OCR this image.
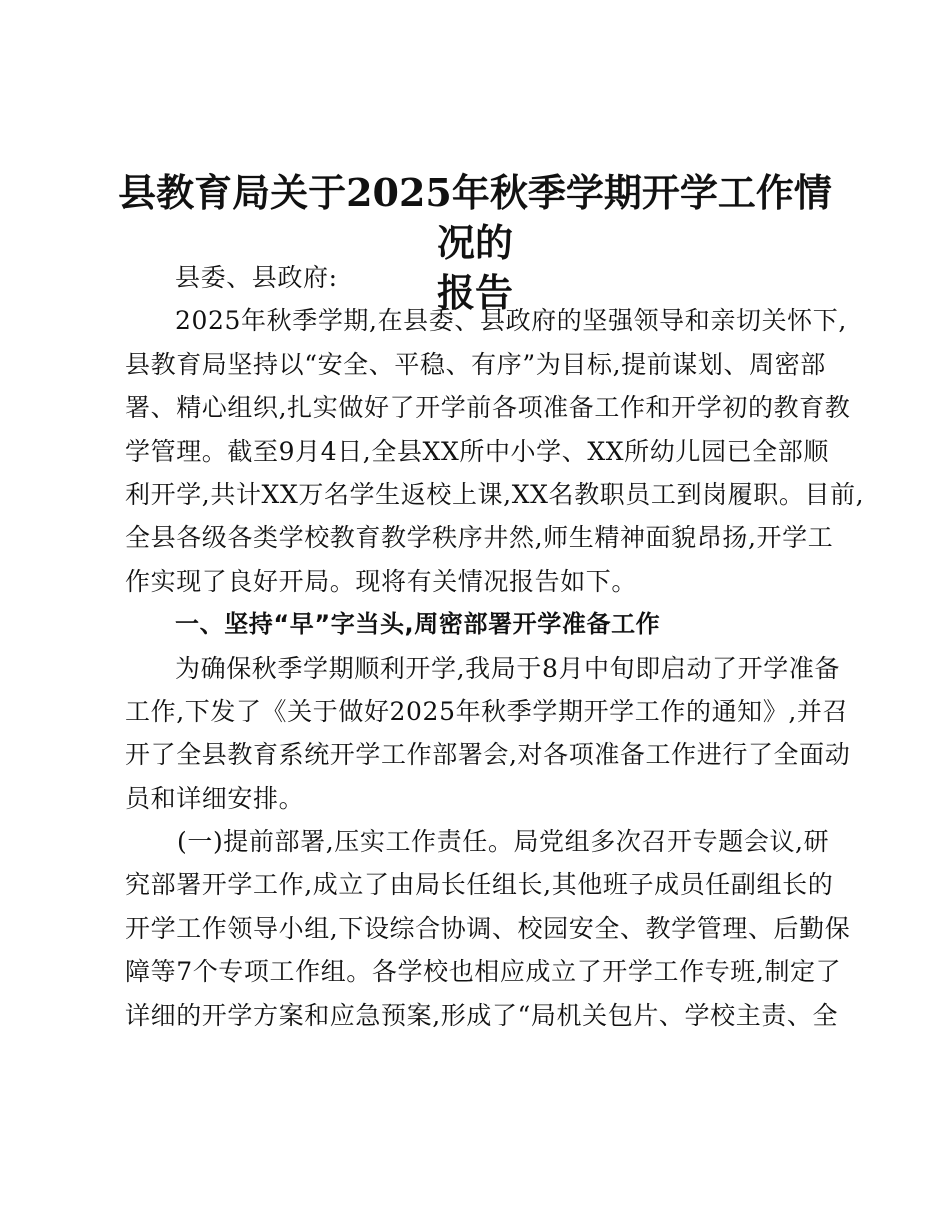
县教育局关于2025年秋季学期开学工作情况的
报告
县委、县政府:
2025年秋季学期,在县委、县政府的坚强领导和亲切关怀下,
县教育局坚持以“安全、平稳、有序”为目标,提前谋划、周密部
署、精心组织,扎实做好了开学前各项准备工作和开学初的教育教
学管理。截至9月4日,全县XX所中小学、XX所幼儿园已全部顺
利开学,共计XX万名学生返校上课,XX名教职员工到岗履职。目前,
全县各级各类学校教育教学秩序井然,师生精神面貌昂扬,开学工
作实现了良好开局。现将有关情况报告如下。
一、坚持“早”字当头,周密部署开学准备工作
为确保秋季学期顺利开学,我局于8月中旬即启动了开学准备
工作,下发了《关于做好2025年秋季学期开学工作的通知》,并召
开了全县教育系统开学工作部署会,对各项准备工作进行了全面动
员和详细安排。
(一)提前部署,压实工作责任。局党组多次召开专题会议,研
究部署开学工作,成立了由局长任组长,其他班子成员任副组长的
开学工作领导小组,下设综合协调、校园安全、教学管理、后勤保
障等7个专项工作组。各学校也相应成立了开学工作专班,制定了
详细的开学方案和应急预案,形成了“局机关包片、学校主责、全
